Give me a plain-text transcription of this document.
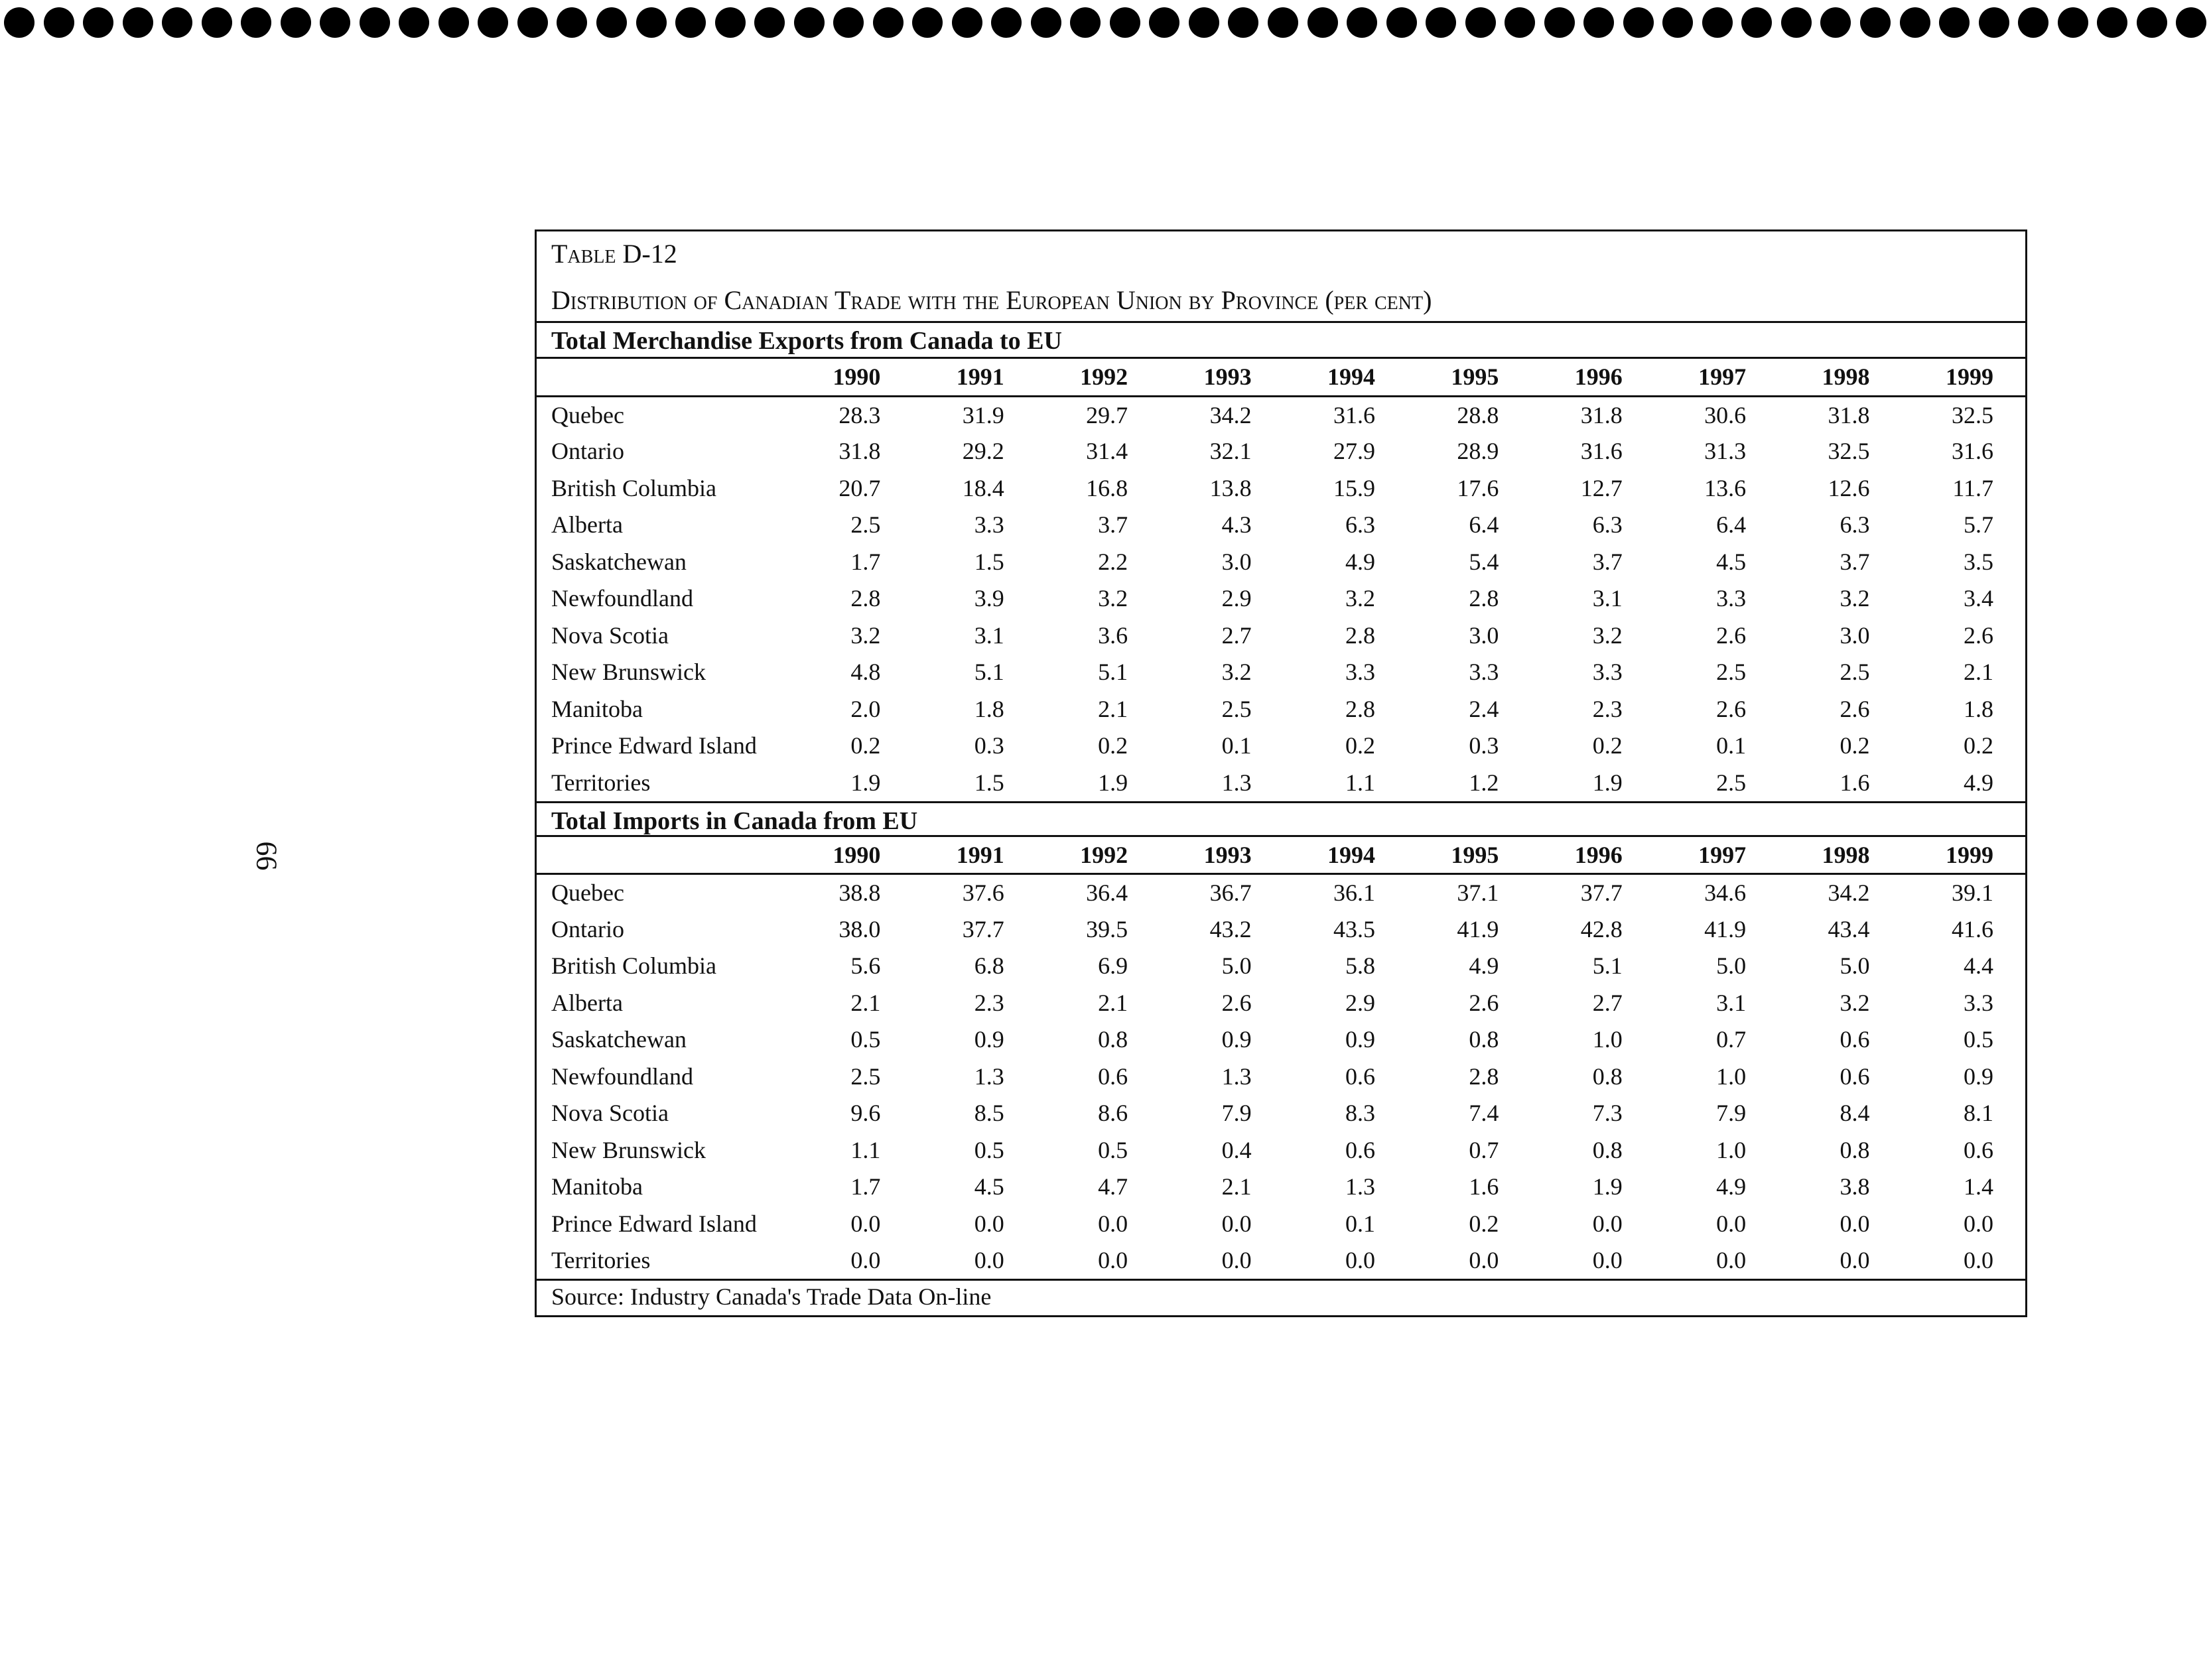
66
Table D-12
Distribution of Canadian Trade with the European Union by Province (per cent)
Total Merchandise Exports from Canada to EU
	1990	1991	1992	1993	1994	1995	1996	1997	1998	1999
Quebec	28.3	31.9	29.7	34.2	31.6	28.8	31.8	30.6	31.8	32.5
Ontario	31.8	29.2	31.4	32.1	27.9	28.9	31.6	31.3	32.5	31.6
British Columbia	20.7	18.4	16.8	13.8	15.9	17.6	12.7	13.6	12.6	11.7
Alberta	2.5	3.3	3.7	4.3	6.3	6.4	6.3	6.4	6.3	5.7
Saskatchewan	1.7	1.5	2.2	3.0	4.9	5.4	3.7	4.5	3.7	3.5
Newfoundland	2.8	3.9	3.2	2.9	3.2	2.8	3.1	3.3	3.2	3.4
Nova Scotia	3.2	3.1	3.6	2.7	2.8	3.0	3.2	2.6	3.0	2.6
New Brunswick	4.8	5.1	5.1	3.2	3.3	3.3	3.3	2.5	2.5	2.1
Manitoba	2.0	1.8	2.1	2.5	2.8	2.4	2.3	2.6	2.6	1.8
Prince Edward Island	0.2	0.3	0.2	0.1	0.2	0.3	0.2	0.1	0.2	0.2
Territories	1.9	1.5	1.9	1.3	1.1	1.2	1.9	2.5	1.6	4.9
Total Imports in Canada from EU
	1990	1991	1992	1993	1994	1995	1996	1997	1998	1999
Quebec	38.8	37.6	36.4	36.7	36.1	37.1	37.7	34.6	34.2	39.1
Ontario	38.0	37.7	39.5	43.2	43.5	41.9	42.8	41.9	43.4	41.6
British Columbia	5.6	6.8	6.9	5.0	5.8	4.9	5.1	5.0	5.0	4.4
Alberta	2.1	2.3	2.1	2.6	2.9	2.6	2.7	3.1	3.2	3.3
Saskatchewan	0.5	0.9	0.8	0.9	0.9	0.8	1.0	0.7	0.6	0.5
Newfoundland	2.5	1.3	0.6	1.3	0.6	2.8	0.8	1.0	0.6	0.9
Nova Scotia	9.6	8.5	8.6	7.9	8.3	7.4	7.3	7.9	8.4	8.1
New Brunswick	1.1	0.5	0.5	0.4	0.6	0.7	0.8	1.0	0.8	0.6
Manitoba	1.7	4.5	4.7	2.1	1.3	1.6	1.9	4.9	3.8	1.4
Prince Edward Island	0.0	0.0	0.0	0.0	0.1	0.2	0.0	0.0	0.0	0.0
Territories	0.0	0.0	0.0	0.0	0.0	0.0	0.0	0.0	0.0	0.0
Source: Industry Canada's Trade Data On-line
